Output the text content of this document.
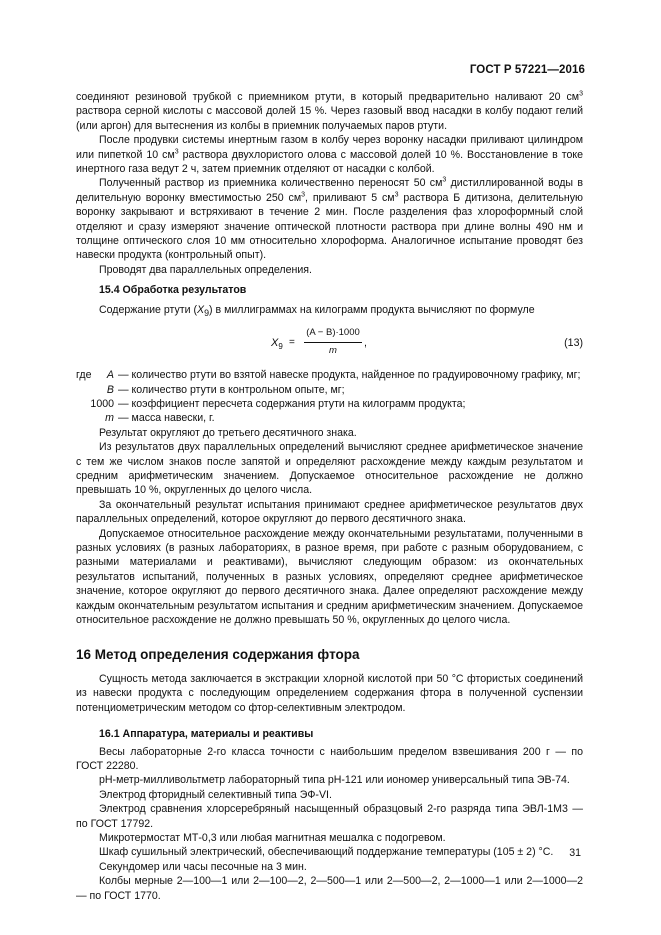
ГОСТ Р 57221—2016

соединяют резиновой трубкой с приемником ртути, в который предварительно наливают 20 $см^3$ раствора серной кислоты с массовой долей 15 %. Через газовый ввод насадки в колбу подают гелий (или аргон) для вытеснения из колбы в приемник получаемых паров ртути.

После продувки системы инертным газом в колбу через воронку насадки приливают цилиндром или пипеткой 10 $см^3$ раствора двухлористого олова с массовой долей 10 %. Восстановление в токе инертного газа ведут 2 ч, затем приемник отделяют от насадки с колбой.

Полученный раствор из приемника количественно переносят 50 $см^3$ дистиллированной воды в делительную воронку вместимостью 250 $см^3$, приливают 5 $см^3$ раствора Б дитизона, делительную воронку закрывают и встряхивают в течение 2 мин. После разделения фаз хлороформный слой отделяют и сразу измеряют значение оптической плотности раствора при длине волны 490 нм и толщине оптического слоя 10 мм относительно хлороформа. Аналогичное испытание проводят без навески продукта (контрольный опыт).

Проводят два параллельных определения.

15.4 Обработка результатов

Содержание ртути $(X_9)$ в миллиграммах на килограмм продукта вычисляют по формуле

$X_9 = \frac{(A - B)\cdot 1000}{m}$ ,	(13)
где A — количество ртути во взятой навеске продукта, найденное по градуировочному графику, мг;
B — количество ртути в контрольном опыте, мг;
1000 — коэффициент пересчета содержания ртути на килограмм продукта;
m — масса навески, г.

Результат округляют до третьего десятичного знака.

Из результатов двух параллельных определений вычисляют среднее арифметическое значение с тем же числом знаков после запятой и определяют расхождение между каждым результатом и средним арифметическим значением. Допускаемое относительное расхождение не должно превышать 10 %, округленных до целого числа.

За окончательный результат испытания принимают среднее арифметическое результатов двух параллельных определений, которое округляют до первого десятичного знака.

Допускаемое относительное расхождение между окончательными результатами, полученными в разных условиях (в разных лабораториях, в разное время, при работе с разным оборудованием, с разными материалами и реактивами), вычисляют следующим образом: из окончательных результатов испытаний, полученных в разных условиях, определяют среднее арифметическое значение, которое округляют до первого десятичного знака. Далее определяют расхождение между каждым окончательным результатом испытания и средним арифметическим значением. Допускаемое относительное расхождение не должно превышать 50 %, округленных до целого числа.

16 Метод определения содержания фтора

Сущность метода заключается в экстракции хлорной кислотой при 50 °С фтористых соединений из навески продукта с последующим определением содержания фтора в полученной суспензии потенциометрическим методом со фтор-селективным электродом.

16.1 Аппаратура, материалы и реактивы

Весы лабораторные 2-го класса точности с наибольшим пределом взвешивания 200 г — по ГОСТ 22280.

pH-метр-милливольтметр лабораторный типа pH-121 или иономер универсальный типа ЭВ-74.

Электрод фторидный селективный типа ЭФ-VI.

Электрод сравнения хлорсеребряный насыщенный образцовый 2-го разряда типа ЭВЛ-1М3 — по ГОСТ 17792.

Микротермостат МТ-0,3 или любая магнитная мешалка с подогревом.

Шкаф сушильный электрический, обеспечивающий поддержание температуры (105 ± 2) °С.

Секундомер или часы песочные на 3 мин.

Колбы мерные 2—100—1 или 2—100—2, 2—500—1 или 2—500—2, 2—1000—1 или 2—1000—2 — по ГОСТ 1770.

31
